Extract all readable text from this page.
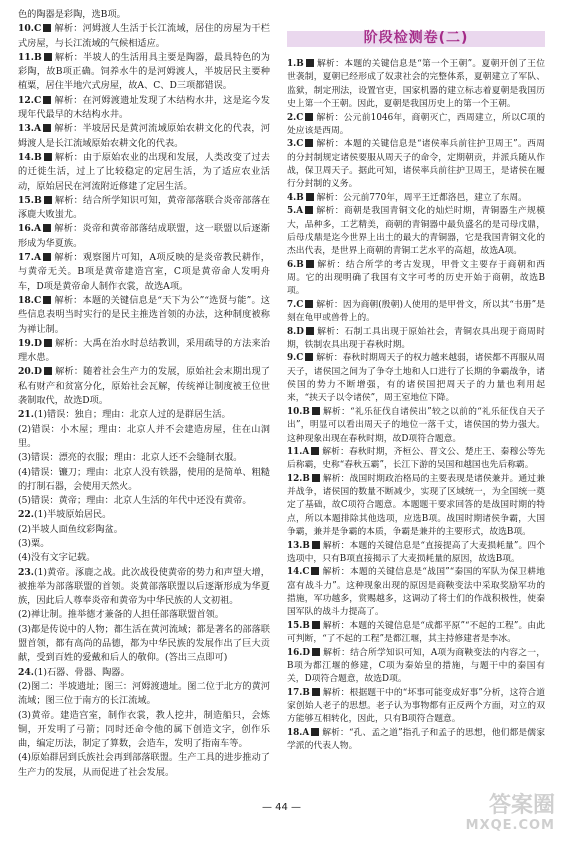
色的陶器是彩陶，选B项。

10.C 解析：河姆渡人生活于长江流域，居住的房屋为干栏式房屋，与长江流域的气候相适应。

11.B 解析：半坡人的生活用具主要是陶器，最具特色的为彩陶，故B项正确。饲养水牛的是河姆渡人，半坡居民主要种植粟，居住半地穴式房屋，故A、C、D三项都错误。

12.C 解析：在河姆渡遗址发现了木结构水井，这是迄今发现年代最早的木结构水井。

13.A 解析：半坡居民是黄河流域原始农耕文化的代表，河姆渡人是长江流域原始农耕文化的代表。

14.B 解析：由于原始农业的出现和发展，人类改变了过去的迁徙生活，过上了比较稳定的定居生活，为了适应农业活动，原始居民在河流附近修建了定居生活。

15.B 解析：结合所学知识可知，黄帝部落联合炎帝部落在涿鹿大败蚩尤。

16.A 解析：炎帝和黄帝部落结成联盟，这一联盟以后逐渐形成为华夏族。

17.A 解析：观察图片可知，A项反映的是炎帝教民耕作，与黄帝无关。B项是黄帝建造宫室，C项是黄帝命人发明舟车，D项是黄帝命人制作衣裳，故选A项。

18.C 解析：本题的关键信息是“天下为公”“选贤与能”。这些信息表明当时实行的是民主推选首领的办法，这种制度被称为禅让制。

19.D 解析：大禹在治水时总结教训，采用疏导的方法来治理水患。

20.D 解析：随着社会生产力的发展，原始社会末期出现了私有财产和贫富分化，原始社会瓦解，传统禅让制度被王位世袭制取代，故选D项。

21.(1)错误：独自；理由：北京人过的是群居生活。

(2)错误：小木屋；理由：北京人并不会建造房屋，住在山洞里。

(3)错误：漂亮的衣服；理由：北京人还不会缝制衣服。

(4)错误：镰刀；理由：北京人没有铁器，使用的是简单、粗糙的打制石器，会使用天然火。

(5)错误：黄帝；理由：北京人生活的年代中还没有黄帝。

22.(1)半坡原始居民。

(2)半坡人面鱼纹彩陶盆。

(3)粟。

(4)没有文字记载。

23.(1)黄帝。涿鹿之战。此次战役使黄帝的势力和声望大增，被推举为部落联盟的首领。炎黄部落联盟以后逐渐形成为华夏族，因此后人尊奉炎帝和黄帝为中华民族的人文初祖。

(2)禅让制。推举德才兼备的人担任部落联盟首领。

(3)都是传说中的人物；都生活在黄河流域；都是著名的部落联盟首领，都有高尚的品德，都为中华民族的发展作出了巨大贡献，受到百姓的爱戴和后人的敬仰。(答出三点即可)

24.(1)石器、骨器、陶器。

(2)图二：半坡遗址；图三：河姆渡遗址。图二位于北方的黄河流域；图三位于南方的长江流域。

(3)黄帝。建造宫室，制作衣裳，教人挖井，制造船只，会炼铜，开发明了弓箭；同时还命令他的属下创造文字，创作乐曲，编定历法，制定了算数，会造车，发明了指南车等。

(4)原始群居到氏族社会再到部落联盟。生产工具的进步推动了生产力的发展，从而促进了社会发展。

阶段检测卷(二)

1.B 解析：本题的关键信息是“第一个王朝”。夏朝开创了王位世袭制，夏朝已经形成了奴隶社会的完整体系，夏朝建立了军队、监狱，制定刑法，设置官吏，国家机器的建立标志着夏朝是我国历史上第一个王朝。因此，夏朝是我国历史上的第一个王朝。

2.C 解析：公元前1046年，商朝灭亡，西周建立，所以C项的处应该是西周。

3.C 解析：本题的关键信息是“诸侯率兵前往护卫周王”。西周的分封制规定诸侯要服从周天子的命令，定期朝贡，并派兵随从作战，保卫周天子。据此可知，诸侯率兵前往护卫周王，是诸侯在履行分封制的义务。

4.B 解析：公元前770年，周平王迁都洛邑，建立了东周。

5.A 解析：商朝是我国青铜文化的灿烂时期，青铜器生产规模大，品种多，工艺精美，商朝的青铜器中最负盛名的是司母戊鼎，后母戊鼎是迄今世界上出土的最大的青铜器，它是我国青铜文化的杰出代表，是世界上商朝的青铜工艺水平的高超，故选A项。

6.B 解析：结合所学的考古发现，甲骨文主要存于商朝和西周。它的出现明确了我国有文字可考的历史开始于商朝，故选B项。

7.C 解析：因为商朝(殷朝)人使用的是甲骨文，所以其“书册”是刻在龟甲或兽骨上的。

8.D 解析：石制工具出现于原始社会，青铜农具出现于商周时期，铁制农具出现于春秋时期。

9.C 解析：春秋时期周天子的权力越来越弱，诸侯都不再服从周天子，诸侯国之间为了争夺土地和人口进行了长期的争霸战争，诸侯国的势力不断增强，有的诸侯国把周天子的力量也利用起来，“挟天子以令诸侯”，周王室地位下降。

10.B 解析：“礼乐征伐自诸侯出”较之以前的“礼乐征伐自天子出”，明显可以看出周天子的地位一落千丈，诸侯国的势力强大。这种现象出现在春秋时期，故D项符合题意。

11.A 解析：春秋时期，齐桓公、晋文公、楚庄王、秦穆公等先后称霸，史称“春秋五霸”，长江下游的吴国和越国也先后称霸。

12.B 解析：战国时期政治格局的主要表现是诸侯兼并。通过兼并战争，诸侯国的数量不断减少，实现了区域统一，为全国统一奠定了基础，故C项符合题意。本题题干要求回答的是战国时期的特点，所以本题排除其他选项，应选B项。战国时期诸侯争霸，大国争霸，兼并是争霸的本质，争霸是兼并的主要形式，故选B项。

13.B 解析：本题的关键信息是“直接提高了大麦损耗量”。四个选项中，只有B项直接揭示了大麦损耗量的原因，故选B项。

14.C 解析：本题的关键信息是“战国”“秦国的军队为保卫耕地富有战斗力”。这种现象出现的原因是商鞅变法中采取奖励军功的措施，军功越多，赏赐越多，这调动了将士们的作战积极性，使秦国军队的战斗力提高了。

15.B 解析：本题的关键信息是“成都平原”“不起的工程”。由此可判断，“了不起的工程”是都江堰，其主持修建者是李冰。

16.D 解析：结合所学知识可知，A项为商鞅变法的内容之一，B项为都江堰的修建，C项为秦始皇的措施，与题干中的秦国有关，D项符合题意，故选D项。

17.B 解析：根据题干中的“坏事可能变成好事”分析，这符合道家创始人老子的思想。老子认为事物都有正反两个方面，对立的双方能够互相转化，因此，只有B项符合题意。

18.A 解析：“孔、孟之道”指孔子和孟子的思想，他们都是儒家学派的代表人物。

— 44 —	答案圈
MXQE.COM
